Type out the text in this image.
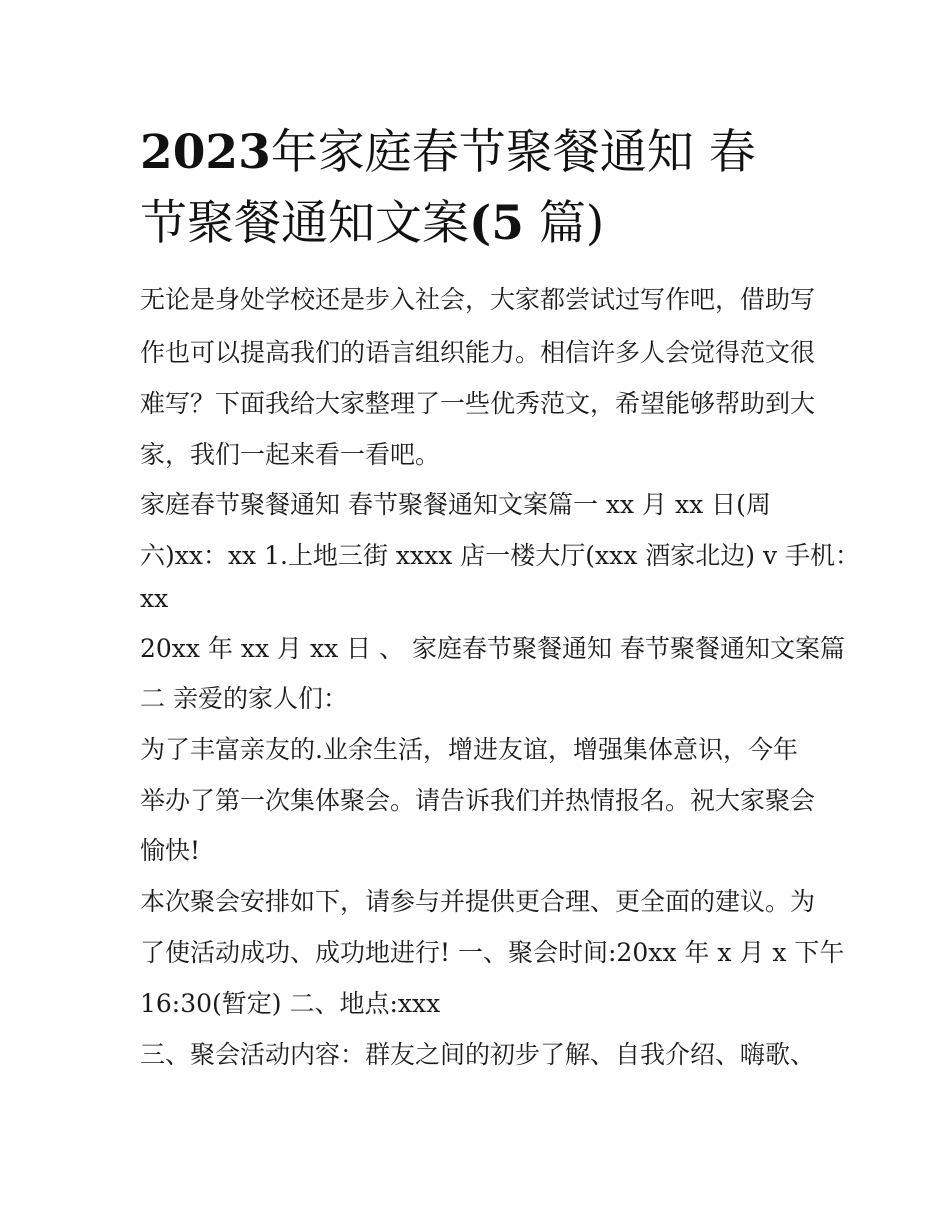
2023年家庭春节聚餐通知 春
节聚餐通知文案(5 篇)
无论是身处学校还是步入社会，大家都尝试过写作吧，借助写
作也可以提高我们的语言组织能力。相信许多人会觉得范文很
难写？下面我给大家整理了一些优秀范文，希望能够帮助到大
家，我们一起来看一看吧。
家庭春节聚餐通知 春节聚餐通知文案篇一 xx 月 xx 日(周
六)xx：xx 1.上地三街 xxxx 店一楼大厅(xxx 酒家北边) v 手机：
xx
20xx 年 xx 月 xx 日 、 家庭春节聚餐通知 春节聚餐通知文案篇
二 亲爱的家人们：
为了丰富亲友的.业余生活，增进友谊，增强集体意识，今年
举办了第一次集体聚会。请告诉我们并热情报名。祝大家聚会
愉快!
本次聚会安排如下，请参与并提供更合理、更全面的建议。为
了使活动成功、成功地进行! 一、聚会时间:20xx 年 x 月 x 下午
16:30(暂定) 二、地点:xxx
三、聚会活动内容：群友之间的初步了解、自我介绍、嗨歌、
